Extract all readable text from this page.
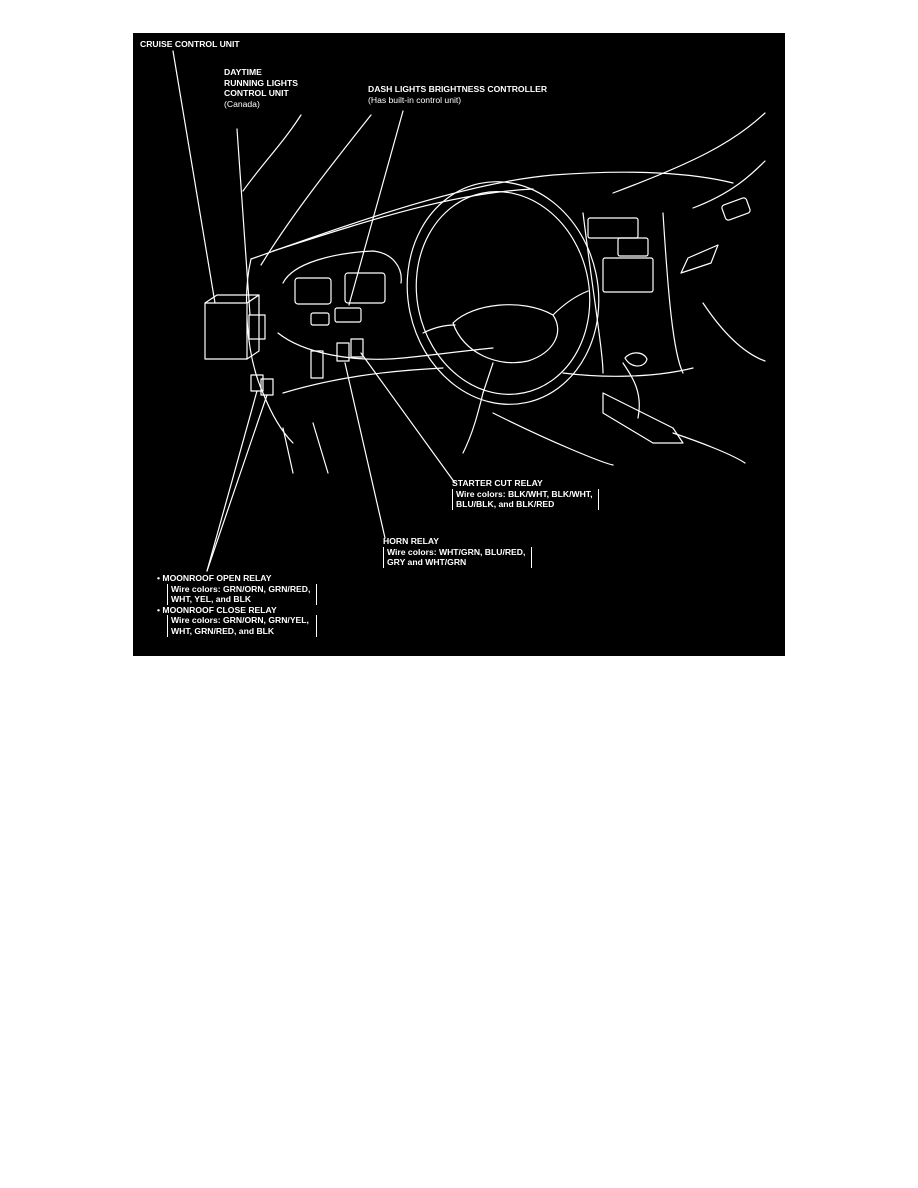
CRUISE CONTROL UNIT
DAYTIME
RUNNING LIGHTS
CONTROL UNIT
(Canada)
DASH LIGHTS BRIGHTNESS CONTROLLER
(Has built-in control unit)
STARTER CUT RELAY
Wire colors: BLK/WHT, BLK/WHT,
BLU/BLK, and BLK/RED
HORN RELAY
Wire colors: WHT/GRN, BLU/RED,
GRY and WHT/GRN
• MOONROOF OPEN RELAY
Wire colors: GRN/ORN, GRN/RED,
WHT, YEL, and BLK
• MOONROOF CLOSE RELAY
Wire colors: GRN/ORN, GRN/YEL,
WHT, GRN/RED, and BLK
